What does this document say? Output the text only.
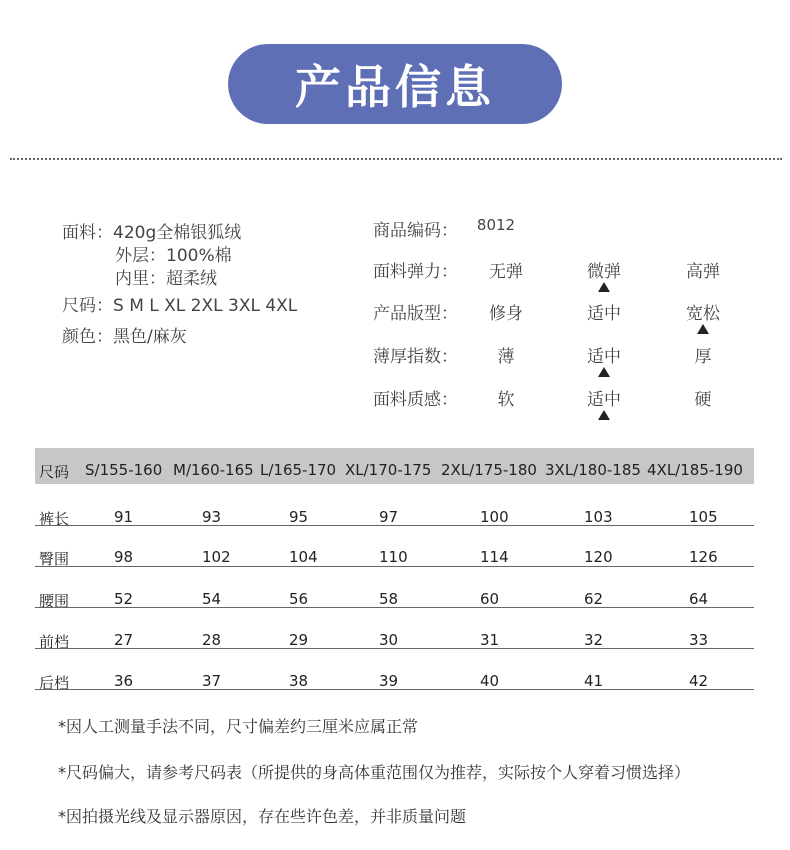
产品信息
面料：420g全棉银狐绒
外层：100%棉
内里：超柔绒
尺码：S M L XL 2XL 3XL 4XL
颜色：黑色/麻灰
商品编码： 8012
面料弹力： 无弹	微弹	高弹
产品版型： 修身	适中	宽松
薄厚指数： 薄	适中	厚
面料质感： 软	适中	硬
尺码 S/155-160 M/160-165 L/165-170 XL/170-175 2XL/175-180 3XL/180-185 4XL/185-190
裤长	91	93	95	97	100	103	105
臀围	98	102	104	110	114	120	126
腰围	52	54	56	58	60	62	64
前档	27	28	29	30	31	32	33
后档	36	37	38	39	40	41	42
*因人工测量手法不同，尺寸偏差约三厘米应属正常
*尺码偏大，请参考尺码表（所提供的身高体重范围仅为推荐，实际按个人穿着习惯选择）
*因拍摄光线及显示器原因，存在些许色差，并非质量问题
